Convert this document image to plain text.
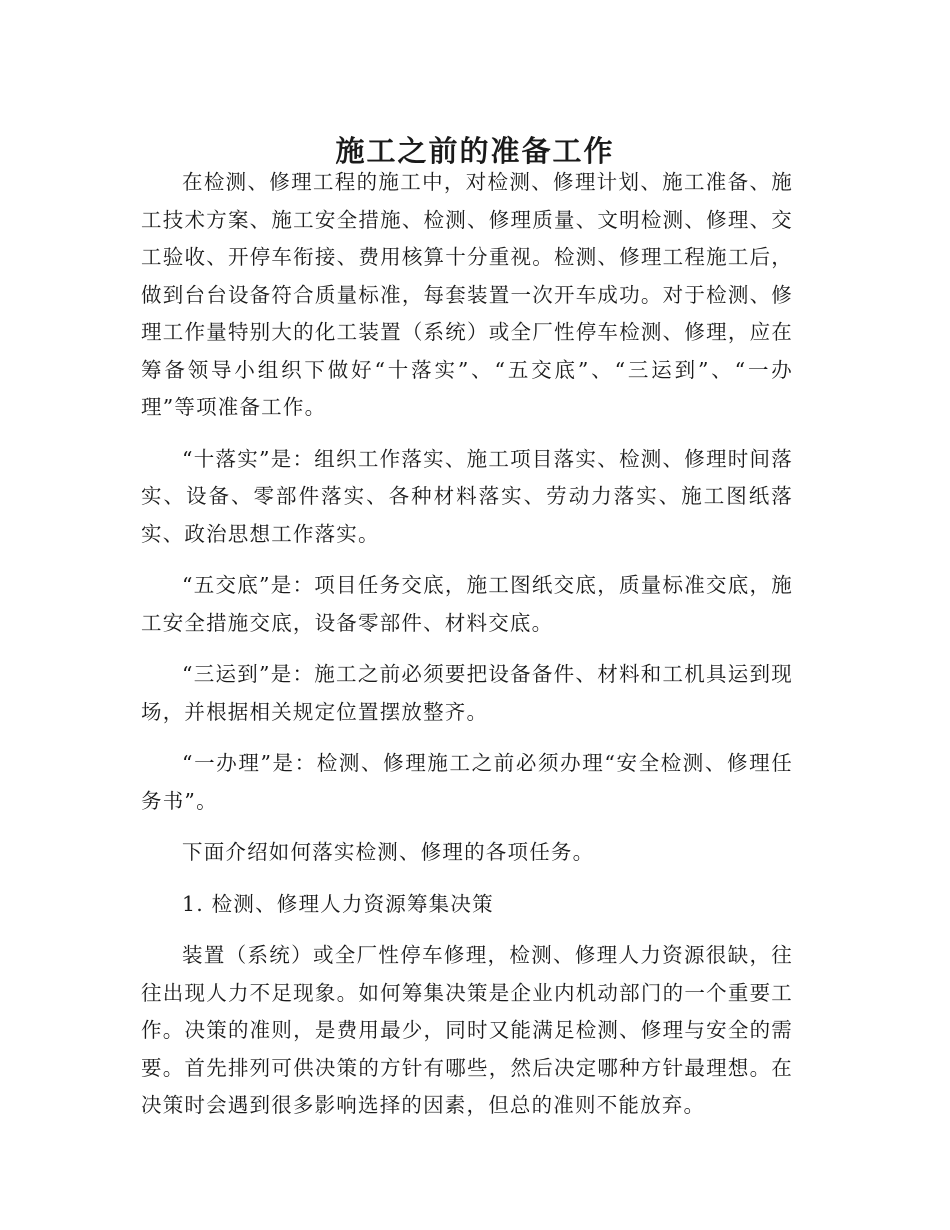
施工之前的准备工作

在检测、修理工程的施工中，对检测、修理计划、施工准备、施工技术方案、施工安全措施、检测、修理质量、文明检测、修理、交工验收、开停车衔接、费用核算十分重视。检测、修理工程施工后，做到台台设备符合质量标准，每套装置一次开车成功。对于检测、修理工作量特别大的化工装置（系统）或全厂性停车检测、修理，应在筹备领导小组织下做好“十落实”、“五交底”、“三运到”、“一办理”等项准备工作。

“十落实”是：组织工作落实、施工项目落实、检测、修理时间落实、设备、零部件落实、各种材料落实、劳动力落实、施工图纸落实、政治思想工作落实。

“五交底”是：项目任务交底，施工图纸交底，质量标准交底，施工安全措施交底，设备零部件、材料交底。

“三运到”是：施工之前必须要把设备备件、材料和工机具运到现场，并根据相关规定位置摆放整齐。

“一办理”是：检测、修理施工之前必须办理“安全检测、修理任务书”。

下面介绍如何落实检测、修理的各项任务。

1. 检测、修理人力资源筹集决策

装置（系统）或全厂性停车修理，检测、修理人力资源很缺，往往出现人力不足现象。如何筹集决策是企业内机动部门的一个重要工作。决策的准则，是费用最少，同时又能满足检测、修理与安全的需要。首先排列可供决策的方针有哪些，然后决定哪种方针最理想。在决策时会遇到很多影响选择的因素，但总的准则不能放弃。
